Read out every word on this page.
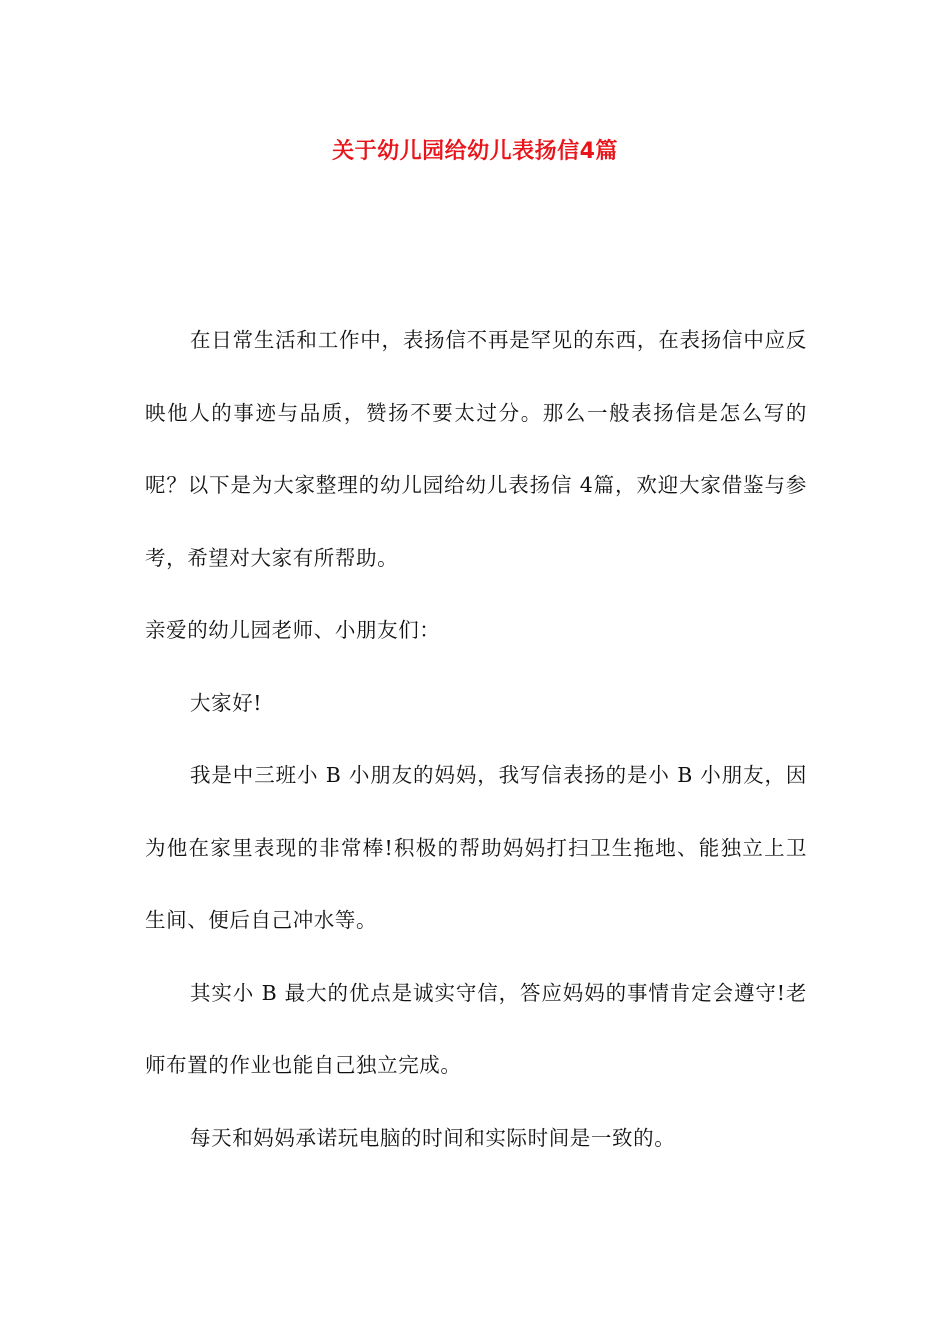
关于幼儿园给幼儿表扬信4篇

在日常生活和工作中，表扬信不再是罕见的东西，在表扬信中应反映他人的事迹与品质，赞扬不要太过分。那么一般表扬信是怎么写的呢？以下是为大家整理的幼儿园给幼儿表扬信 4篇，欢迎大家借鉴与参考，希望对大家有所帮助。

亲爱的幼儿园老师、小朋友们：

大家好!

我是中三班小 B 小朋友的妈妈，我写信表扬的是小 B 小朋友，因为他在家里表现的非常棒!积极的帮助妈妈打扫卫生拖地、能独立上卫生间、便后自己冲水等。

其实小 B 最大的优点是诚实守信，答应妈妈的事情肯定会遵守!老师布置的作业也能自己独立完成。

每天和妈妈承诺玩电脑的时间和实际时间是一致的。
